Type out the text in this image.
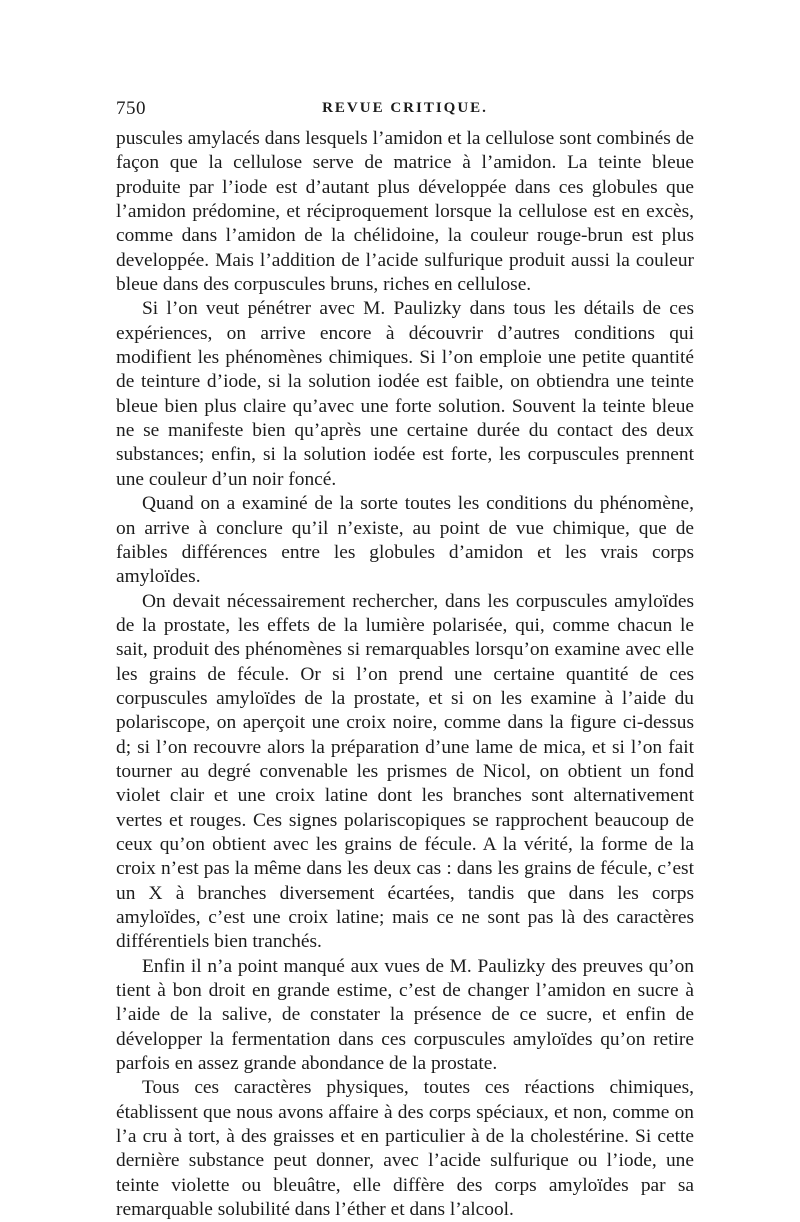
750	REVUE CRITIQUE.

puscules amylacés dans lesquels l’amidon et la cellulose sont combinés de façon que la cellulose serve de matrice à l’amidon. La teinte bleue produite par l’iode est d’autant plus développée dans ces globules que l’amidon prédomine, et réciproquement lorsque la cellulose est en excès, comme dans l’amidon de la chélidoine, la couleur rouge-brun est plus developpée. Mais l’addition de l’acide sulfurique produit aussi la couleur bleue dans des corpuscules bruns, riches en cellulose.

Si l’on veut pénétrer avec M. Paulizky dans tous les détails de ces expériences, on arrive encore à découvrir d’autres conditions qui modifient les phénomènes chimiques. Si l’on emploie une petite quantité de teinture d’iode, si la solution iodée est faible, on obtiendra une teinte bleue bien plus claire qu’avec une forte solution. Souvent la teinte bleue ne se manifeste bien qu’après une certaine durée du contact des deux substances; enfin, si la solution iodée est forte, les corpuscules prennent une couleur d’un noir foncé.

Quand on a examiné de la sorte toutes les conditions du phénomène, on arrive à conclure qu’il n’existe, au point de vue chimique, que de faibles différences entre les globules d’amidon et les vrais corps amyloïdes.

On devait nécessairement rechercher, dans les corpuscules amyloïdes de la prostate, les effets de la lumière polarisée, qui, comme chacun le sait, produit des phénomènes si remarquables lorsqu’on examine avec elle les grains de fécule. Or si l’on prend une certaine quantité de ces corpuscules amyloïdes de la prostate, et si on les examine à l’aide du polariscope, on aperçoit une croix noire, comme dans la figure ci-dessus d; si l’on recouvre alors la préparation d’une lame de mica, et si l’on fait tourner au degré convenable les prismes de Nicol, on obtient un fond violet clair et une croix latine dont les branches sont alternativement vertes et rouges. Ces signes polariscopiques se rapprochent beaucoup de ceux qu’on obtient avec les grains de fécule. A la vérité, la forme de la croix n’est pas la même dans les deux cas : dans les grains de fécule, c’est un X à branches diversement écartées, tandis que dans les corps amyloïdes, c’est une croix latine; mais ce ne sont pas là des caractères différentiels bien tranchés.

Enfin il n’a point manqué aux vues de M. Paulizky des preuves qu’on tient à bon droit en grande estime, c’est de changer l’amidon en sucre à l’aide de la salive, de constater la présence de ce sucre, et enfin de développer la fermentation dans ces corpuscules amyloïdes qu’on retire parfois en assez grande abondance de la prostate.

Tous ces caractères physiques, toutes ces réactions chimiques, établissent que nous avons affaire à des corps spéciaux, et non, comme on l’a cru à tort, à des graisses et en particulier à de la cholestérine. Si cette dernière substance peut donner, avec l’acide sulfurique ou l’iode, une teinte violette ou bleuâtre, elle diffère des corps amyloïdes par sa remarquable solubilité dans l’éther et dans l’alcool.
